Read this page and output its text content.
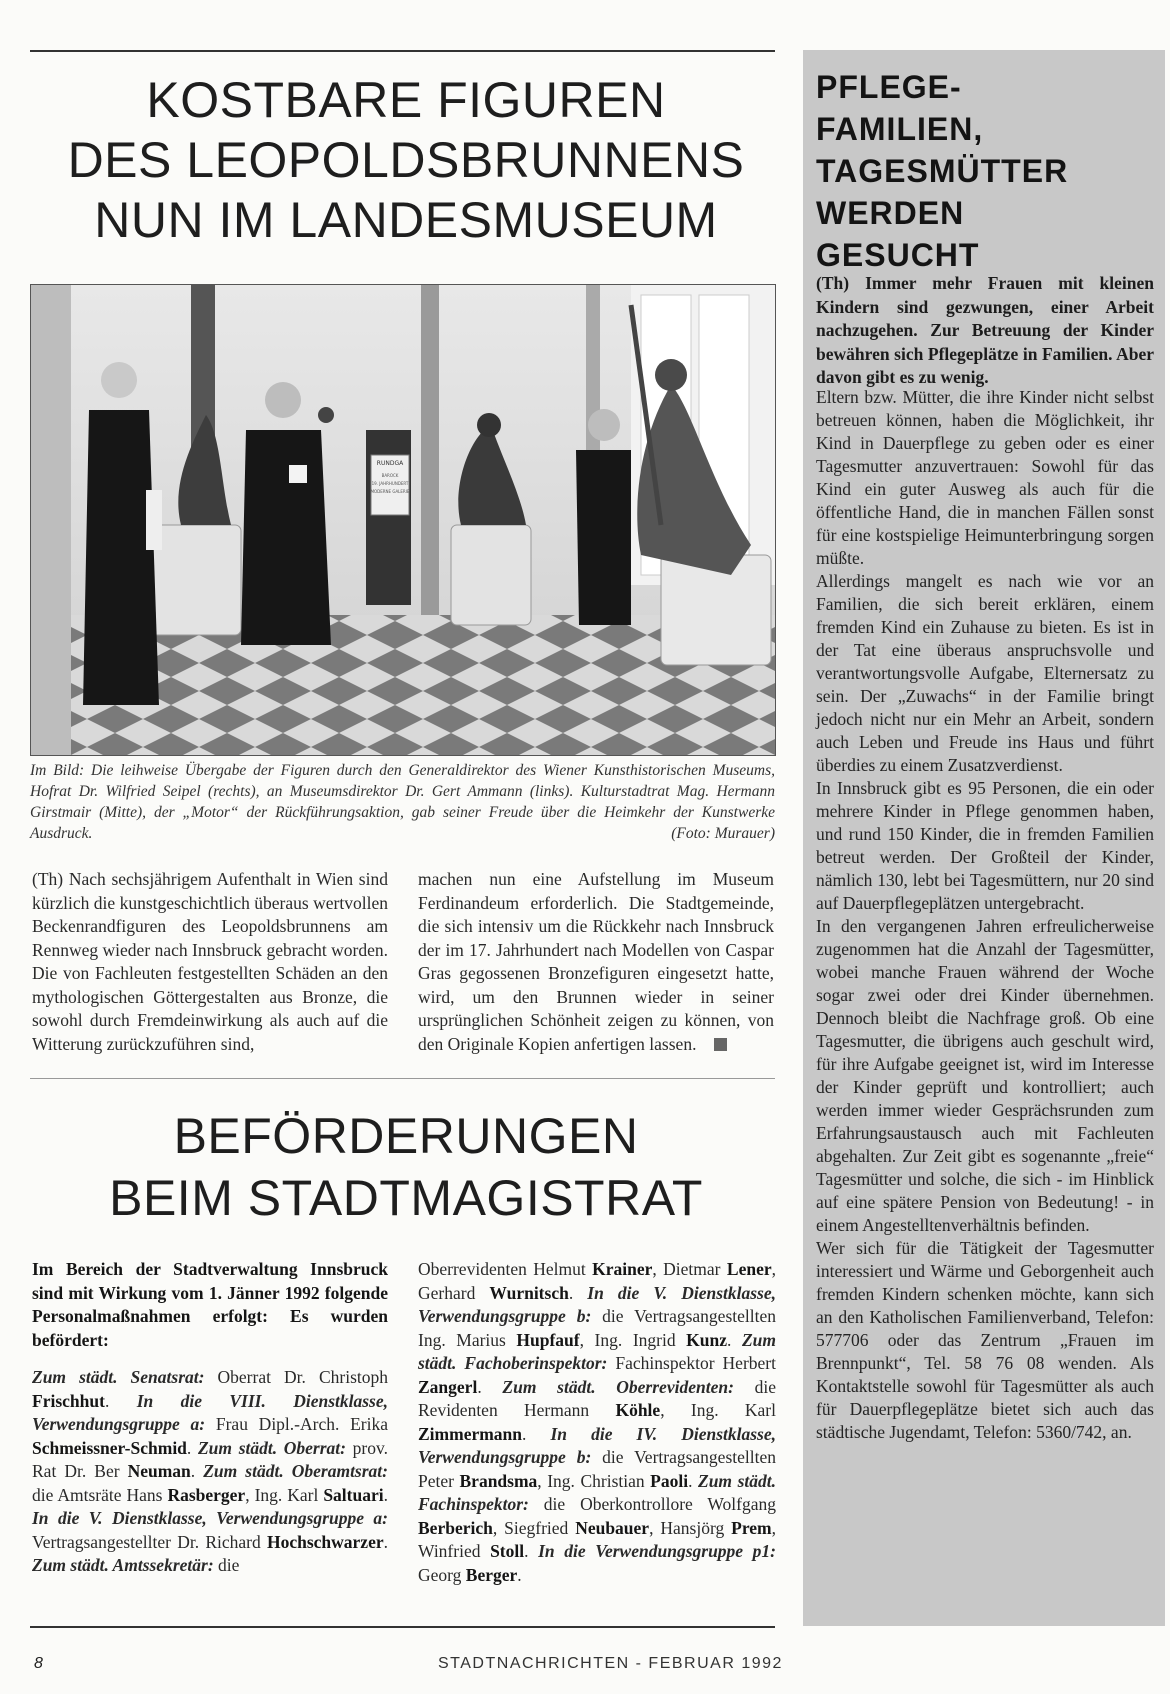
KOSTBARE FIGUREN
DES LEOPOLDSBRUNNENS
NUN IM LANDESMUSEUM
RUNDGA
BAROCK
19. JAHRHUNDERT
MODERNE GALERIE
Im Bild: Die leihweise Übergabe der Figuren durch den Generaldirektor des Wiener Kunsthistorischen Museums, Hofrat Dr. Wilfried Seipel (rechts), an Museumsdirektor Dr. Gert Ammann (links). Kulturstadtrat Mag. Hermann Girstmair (Mitte), der „Motor“ der Rückführungsaktion, gab seiner Freude über die Heimkehr der Kunstwerke Ausdruck.	(Foto: Murauer)
(Th) Nach sechsjährigem Aufenthalt in Wien sind kürzlich die kunstgeschichtlich überaus wertvollen Beckenrandfiguren des Leopoldsbrunnens am Rennweg wieder nach Innsbruck gebracht worden. Die von Fachleuten festgestellten Schäden an den mythologischen Göttergestalten aus Bronze, die sowohl durch Fremdeinwirkung als auch auf die Witterung zurückzuführen sind,
machen nun eine Aufstellung im Museum Ferdinandeum erforderlich. Die Stadtgemeinde, die sich intensiv um die Rückkehr nach Innsbruck der im 17. Jahrhundert nach Modellen von Caspar Gras gegossenen Bronzefiguren eingesetzt hatte, wird, um den Brunnen wieder in seiner ursprünglichen Schönheit zeigen zu können, von den Originale Kopien anfertigen lassen.
BEFÖRDERUNGEN
BEIM STADTMAGISTRAT

Im Bereich der Stadtverwaltung Innsbruck sind mit Wirkung vom 1. Jänner 1992 folgende Personalmaßnahmen erfolgt: Es wurden befördert:

Zum städt. Senatsrat: Oberrat Dr. Christoph Frischhut. In die VIII. Dienstklasse, Verwendungsgruppe a: Frau Dipl.-Arch. Erika Schmeissner-Schmid. Zum städt. Oberrat: prov. Rat Dr. Ber Neuman. Zum städt. Oberamtsrat: die Amtsräte Hans Rasberger, Ing. Karl Saltuari. In die V. Dienstklasse, Verwendungsgruppe a: Vertragsangestellter Dr. Richard Hochschwarzer. Zum städt. Amtssekretär: die

Oberrevidenten Helmut Krainer, Dietmar Lener, Gerhard Wurnitsch. In die V. Dienstklasse, Verwendungsgruppe b: die Vertragsangestellten Ing. Marius Hupfauf, Ing. Ingrid Kunz. Zum städt. Fachoberinspektor: Fachinspektor Herbert Zangerl. Zum städt. Oberrevidenten: die Revidenten Hermann Köhle, Ing. Karl Zimmermann. In die IV. Dienstklasse, Verwendungsgruppe b: die Vertragsangestellten Peter Brandsma, Ing. Christian Paoli. Zum städt. Fachinspektor: die Oberkontrollore Wolfgang Berberich, Siegfried Neubauer, Hansjörg Prem, Winfried Stoll. In die Verwendungsgruppe p1: Georg Berger.

PFLEGE-
FAMILIEN,
TAGESMÜTTER
WERDEN
GESUCHT
(Th) Immer mehr Frauen mit kleinen Kindern sind gezwungen, einer Arbeit nachzugehen. Zur Betreuung der Kinder bewähren sich Pflegeplätze in Familien. Aber davon gibt es zu wenig.

Eltern bzw. Mütter, die ihre Kinder nicht selbst betreuen können, haben die Möglichkeit, ihr Kind in Dauerpflege zu geben oder es einer Tagesmutter anzuvertrauen: Sowohl für das Kind ein guter Ausweg als auch für die öffentliche Hand, die in manchen Fällen sonst für eine kostspielige Heimunterbringung sorgen müßte.

Allerdings mangelt es nach wie vor an Familien, die sich bereit erklären, einem fremden Kind ein Zuhause zu bieten. Es ist in der Tat eine überaus anspruchsvolle und verantwortungsvolle Aufgabe, Elternersatz zu sein. Der „Zuwachs“ in der Familie bringt jedoch nicht nur ein Mehr an Arbeit, sondern auch Leben und Freude ins Haus und führt überdies zu einem Zusatzverdienst.

In Innsbruck gibt es 95 Personen, die ein oder mehrere Kinder in Pflege genommen haben, und rund 150 Kinder, die in fremden Familien betreut werden. Der Großteil der Kinder, nämlich 130, lebt bei Tagesmüttern, nur 20 sind auf Dauerpflegeplätzen untergebracht.

In den vergangenen Jahren erfreulicherweise zugenommen hat die Anzahl der Tagesmütter, wobei manche Frauen während der Woche sogar zwei oder drei Kinder übernehmen. Dennoch bleibt die Nachfrage groß. Ob eine Tagesmutter, die übrigens auch geschult wird, für ihre Aufgabe geeignet ist, wird im Interesse der Kinder geprüft und kontrolliert; auch werden immer wieder Gesprächsrunden zum Erfahrungsaustausch auch mit Fachleuten abgehalten. Zur Zeit gibt es sogenannte „freie“ Tagesmütter und solche, die sich - im Hinblick auf eine spätere Pension von Bedeutung! - in einem Angestelltenverhältnis befinden.

Wer sich für die Tätigkeit der Tagesmutter interessiert und Wärme und Geborgenheit auch fremden Kindern schenken möchte, kann sich an den Katholischen Familienverband, Telefon: 577706 oder das Zentrum „Frauen im Brennpunkt“, Tel. 58 76 08 wenden. Als Kontaktstelle sowohl für Tagesmütter als auch für Dauerpflegeplätze bietet sich auch das städtische Jugendamt, Telefon: 5360/742, an.

8	STADTNACHRICHTEN - FEBRUAR 1992
